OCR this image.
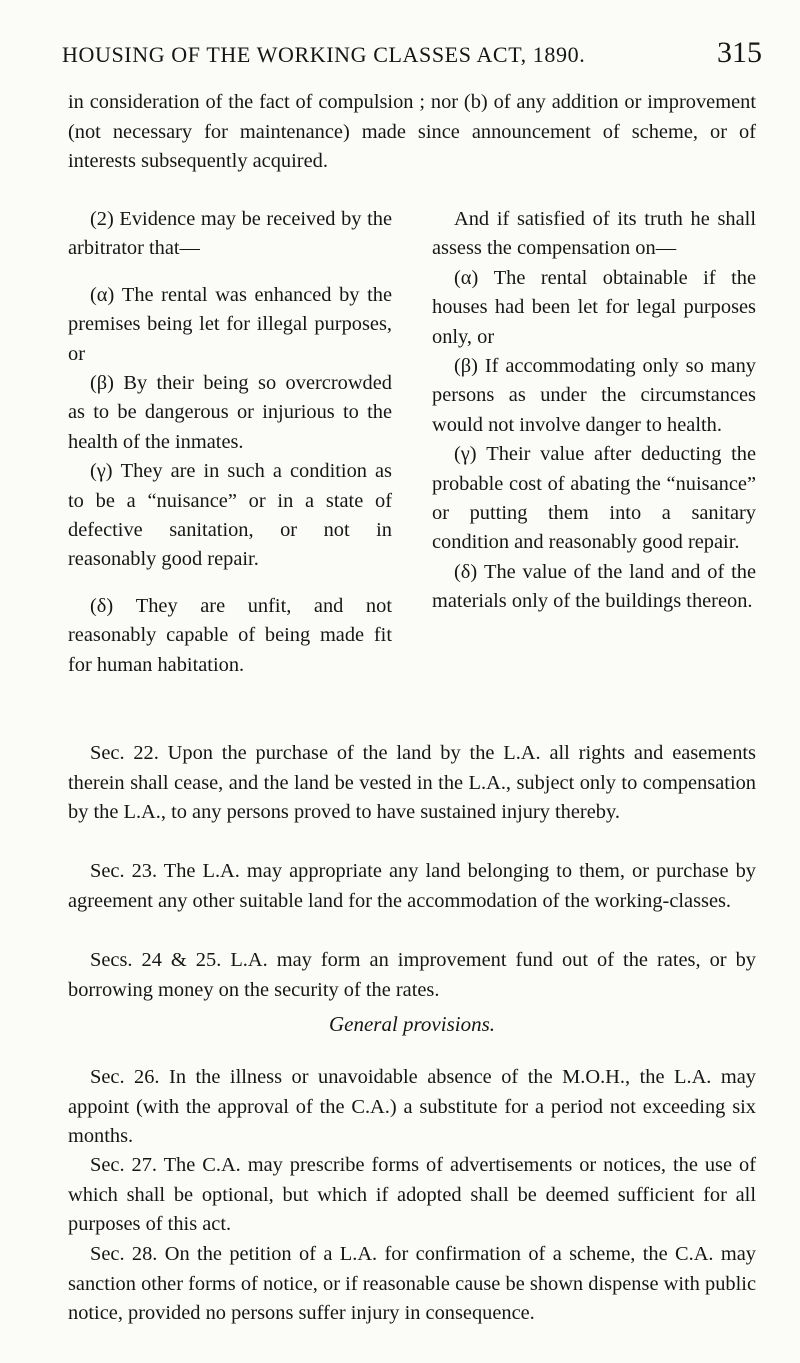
HOUSING OF THE WORKING CLASSES ACT, 1890.	315

in consideration of the fact of compulsion ; nor (b) of any addition or improvement (not necessary for maintenance) made since announcement of scheme, or of interests subsequently acquired.

(2) Evidence may be received by the arbitrator that—

(α) The rental was enhanced by the premises being let for illegal purposes, or

(β) By their being so overcrowded as to be dangerous or injurious to the health of the inmates.

(γ) They are in such a condition as to be a “nuisance” or in a state of defective sanitation, or not in reasonably good repair.

(δ) They are unfit, and not reasonably capable of being made fit for human habitation.

And if satisfied of its truth he shall assess the compensation on—

(α) The rental obtainable if the houses had been let for legal purposes only, or

(β) If accommodating only so many persons as under the circumstances would not involve danger to health.

(γ) Their value after deducting the probable cost of abating the “nuisance” or putting them into a sanitary condition and reasonably good repair.

(δ) The value of the land and of the materials only of the buildings thereon.

Sec. 22. Upon the purchase of the land by the L.A. all rights and easements therein shall cease, and the land be vested in the L.A., subject only to compensation by the L.A., to any persons proved to have sustained injury thereby.

Sec. 23. The L.A. may appropriate any land belonging to them, or purchase by agreement any other suitable land for the accommodation of the working-classes.

Secs. 24 & 25. L.A. may form an improvement fund out of the rates, or by borrowing money on the security of the rates.

General provisions.

Sec. 26. In the illness or unavoidable absence of the M.O.H., the L.A. may appoint (with the approval of the C.A.) a substitute for a period not exceeding six months.

Sec. 27. The C.A. may prescribe forms of advertisements or notices, the use of which shall be optional, but which if adopted shall be deemed sufficient for all purposes of this act.

Sec. 28. On the petition of a L.A. for confirmation of a scheme, the C.A. may sanction other forms of notice, or if reasonable cause be shown dispense with public notice, provided no persons suffer injury in consequence.
